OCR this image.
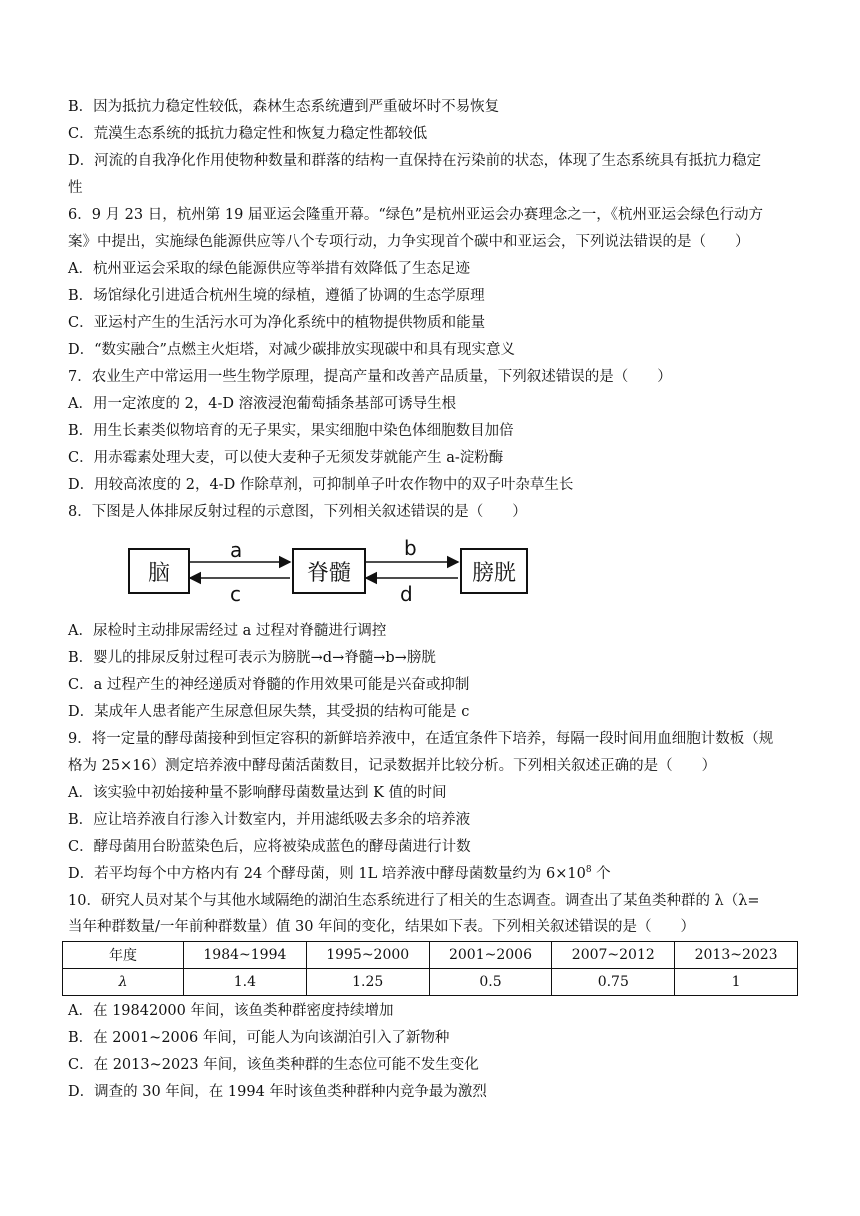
B．因为抵抗力稳定性较低，森林生态系统遭到严重破坏时不易恢复
C．荒漠生态系统的抵抗力稳定性和恢复力稳定性都较低
D．河流的自我净化作用使物种数量和群落的结构一直保持在污染前的状态，体现了生态系统具有抵抗力稳定
性
6．9 月 23 日，杭州第 19 届亚运会隆重开幕。“绿色”是杭州亚运会办赛理念之一，《杭州亚运会绿色行动方
案》中提出，实施绿色能源供应等八个专项行动，力争实现首个碳中和亚运会，下列说法错误的是（　　）
A．杭州亚运会采取的绿色能源供应等举措有效降低了生态足迹
B．场馆绿化引进适合杭州生境的绿植，遵循了协调的生态学原理
C．亚运村产生的生活污水可为净化系统中的植物提供物质和能量
D．“数实融合”点燃主火炬塔，对减少碳排放实现碳中和具有现实意义
7．农业生产中常运用一些生物学原理，提高产量和改善产品质量，下列叙述错误的是（　　）
A．用一定浓度的 2，4-D 溶液浸泡葡萄插条基部可诱导生根
B．用生长素类似物培育的无子果实，果实细胞中染色体细胞数目加倍
C．用赤霉素处理大麦，可以使大麦种子无须发芽就能产生 a-淀粉酶
D．用较高浓度的 2，4-D 作除草剂，可抑制单子叶农作物中的双子叶杂草生长
8．下图是人体排尿反射过程的示意图，下列相关叙述错误的是（　　）
脑	脊髓	膀胱
a
c
b
d
A．尿检时主动排尿需经过 a 过程对脊髓进行调控
B．婴儿的排尿反射过程可表示为膀胱→d→脊髓→b→膀胱
C．a 过程产生的神经递质对脊髓的作用效果可能是兴奋或抑制
D．某成年人患者能产生尿意但尿失禁，其受损的结构可能是 c
9．将一定量的酵母菌接种到恒定容积的新鲜培养液中，在适宜条件下培养，每隔一段时间用血细胞计数板（规
格为 25×16）测定培养液中酵母菌活菌数目，记录数据并比较分析。下列相关叙述正确的是（　　）
A．该实验中初始接种量不影响酵母菌数量达到 K 值的时间
B．应让培养液自行渗入计数室内，并用滤纸吸去多余的培养液
C．酵母菌用台盼蓝染色后，应将被染成蓝色的酵母菌进行计数
D．若平均每个中方格内有 24 个酵母菌，则 1L 培养液中酵母菌数量约为 $6\times 10^8$ 个
10．研究人员对某个与其他水域隔绝的湖泊生态系统进行了相关的生态调查。调查出了某鱼类种群的 λ（λ=
当年种群数量/一年前种群数量）值 30 年间的变化，结果如下表。下列相关叙述错误的是（　　）
年度	1984~1994	1995~2000	2001~2006	2007~2012	2013~2023
λ	1.4	1.25	0.5	0.75	1
A．在 19842000 年间，该鱼类种群密度持续增加
B．在 2001~2006 年间，可能人为向该湖泊引入了新物种
C．在 2013~2023 年间，该鱼类种群的生态位可能不发生变化
D．调查的 30 年间，在 1994 年时该鱼类种群种内竞争最为激烈
